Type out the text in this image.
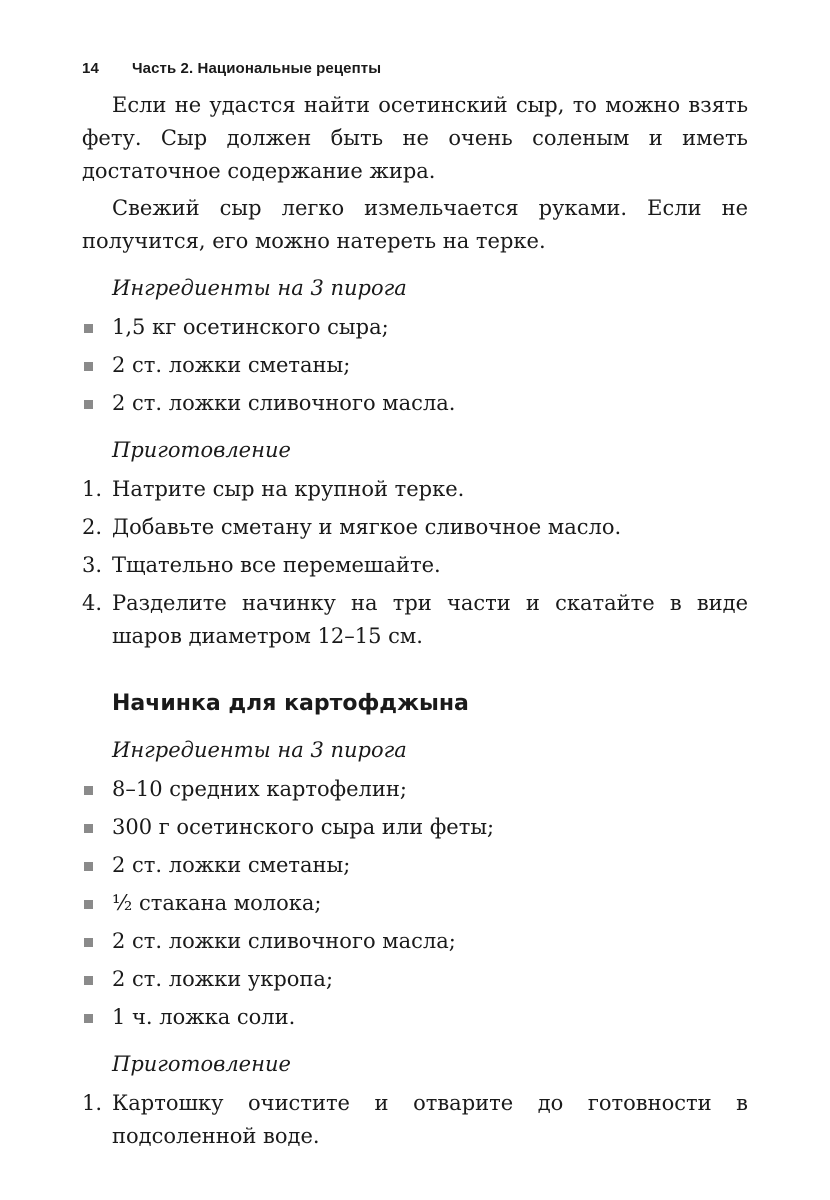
14 Часть 2. Национальные рецепты

Если не удастся найти осетинский сыр, то можно взять фету. Сыр должен быть не очень соленым и иметь достаточное содержание жира.

Свежий сыр легко измельчается руками. Если не получится, его можно натереть на терке.

Ингредиенты на 3 пирога
1,5 кг осетинского сыра;
2 ст. ложки сметаны;
2 ст. ложки сливочного масла.
Приготовление
1. Натрите сыр на крупной терке.
2. Добавьте сметану и мягкое сливочное масло.
3. Тщательно все перемешайте.
4. Разделите начинку на три части и скатайте в виде шаров диаметром 12–15 см.
Начинка для картофджына
Ингредиенты на 3 пирога
8–10 средних картофелин;
300 г осетинского сыра или феты;
2 ст. ложки сметаны;
½ стакана молока;
2 ст. ложки сливочного масла;
2 ст. ложки укропа;
1 ч. ложка соли.
Приготовление
1. Картошку очистите и отварите до готовности в подсоленной воде.
